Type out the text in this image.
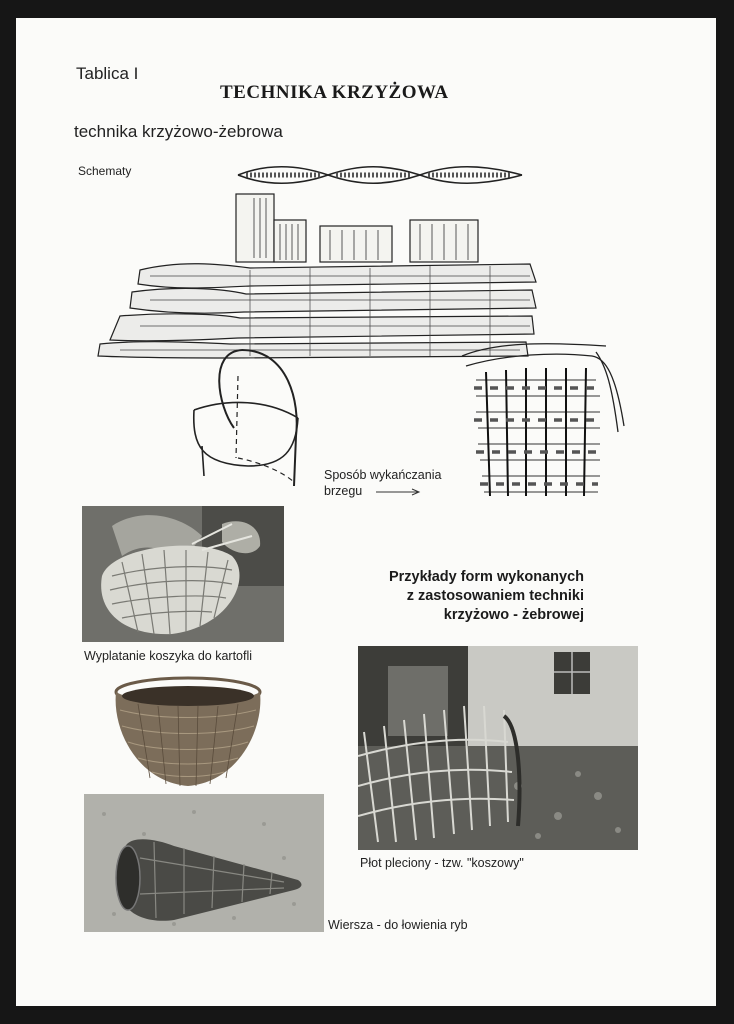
Tablica I
TECHNIKA KRZYŻOWA
technika krzyżowo-żebrowa
Schematy
Sposób wykańczania
brzegu
Wyplatanie koszyka do kartofli
Wiersza - do łowienia ryb
Przykłady form wykonanych
z zastosowaniem techniki
krzyżowo - żebrowej
Płot pleciony - tzw. "koszowy"
